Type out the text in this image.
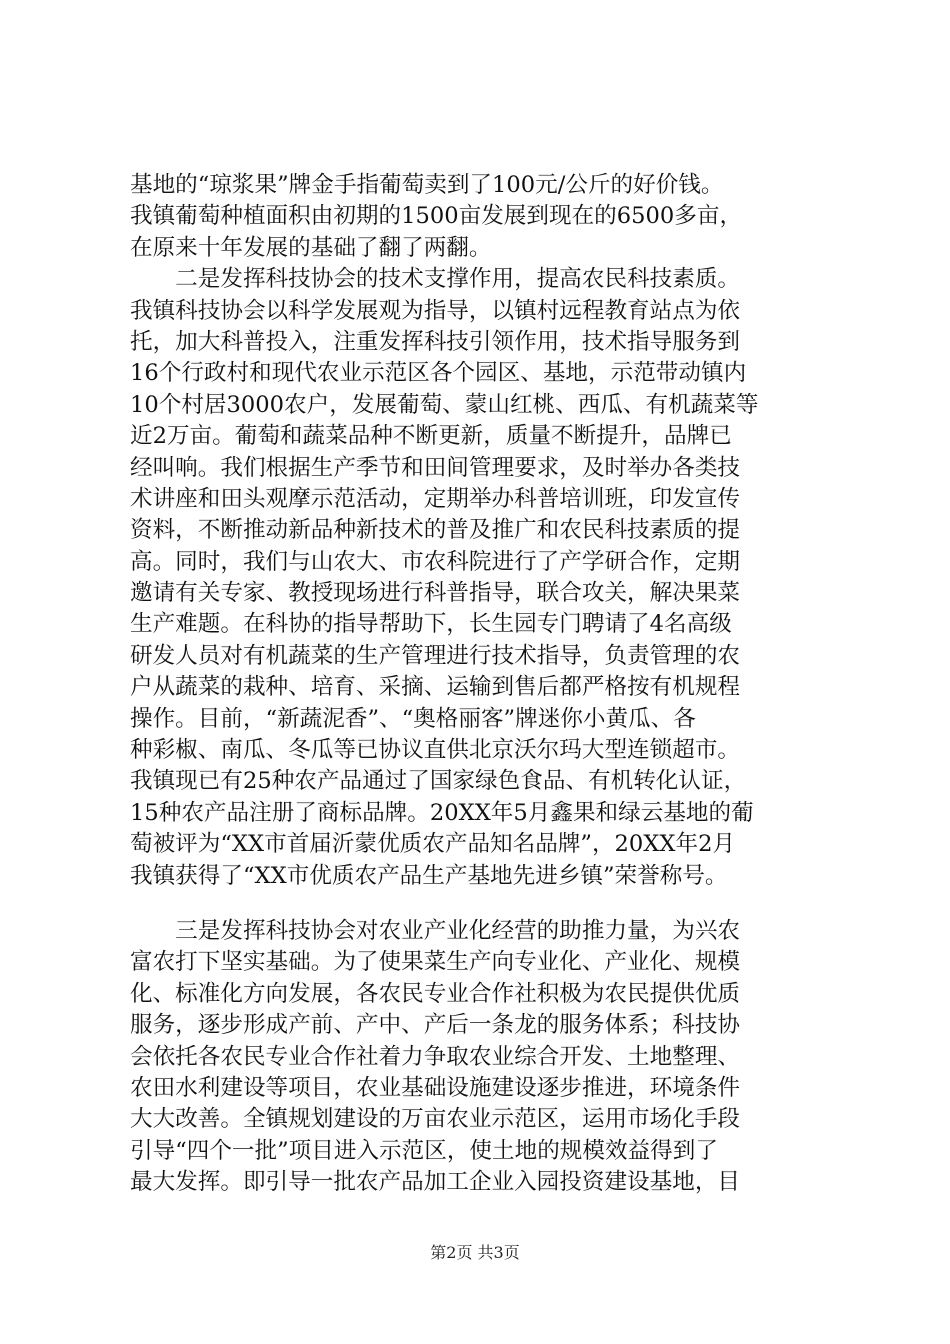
基地的“琼浆果”牌金手指葡萄卖到了100元/公斤的好价钱。
我镇葡萄种植面积由初期的1500亩发展到现在的6500多亩，
在原来十年发展的基础了翻了两翻。
　　二是发挥科技协会的技术支撑作用，提高农民科技素质。
我镇科技协会以科学发展观为指导，以镇村远程教育站点为依
托，加大科普投入，注重发挥科技引领作用，技术指导服务到
16个行政村和现代农业示范区各个园区、基地，示范带动镇内
10个村居3000农户，发展葡萄、蒙山红桃、西瓜、有机蔬菜等
近2万亩。葡萄和蔬菜品种不断更新，质量不断提升，品牌已
经叫响。我们根据生产季节和田间管理要求，及时举办各类技
术讲座和田头观摩示范活动，定期举办科普培训班，印发宣传
资料，不断推动新品种新技术的普及推广和农民科技素质的提
高。同时，我们与山农大、市农科院进行了产学研合作，定期
邀请有关专家、教授现场进行科普指导，联合攻关，解决果菜
生产难题。在科协的指导帮助下，长生园专门聘请了4名高级
研发人员对有机蔬菜的生产管理进行技术指导，负责管理的农
户从蔬菜的栽种、培育、采摘、运输到售后都严格按有机规程
操作。目前，“新蔬泥香”、“奥格丽客”牌迷你小黄瓜、各
种彩椒、南瓜、冬瓜等已协议直供北京沃尔玛大型连锁超市。
我镇现已有25种农产品通过了国家绿色食品、有机转化认证，
15种农产品注册了商标品牌。20XX年5月鑫果和绿云基地的葡
萄被评为“XX市首届沂蒙优质农产品知名品牌”，20XX年2月
我镇获得了“XX市优质农产品生产基地先进乡镇”荣誉称号。
　　三是发挥科技协会对农业产业化经营的助推力量，为兴农
富农打下坚实基础。为了使果菜生产向专业化、产业化、规模
化、标准化方向发展，各农民专业合作社积极为农民提供优质
服务，逐步形成产前、产中、产后一条龙的服务体系；科技协
会依托各农民专业合作社着力争取农业综合开发、土地整理、
农田水利建设等项目，农业基础设施建设逐步推进，环境条件
大大改善。全镇规划建设的万亩农业示范区，运用市场化手段
引导“四个一批”项目进入示范区，使土地的规模效益得到了
最大发挥。即引导一批农产品加工企业入园投资建设基地，目
第2页 共3页
